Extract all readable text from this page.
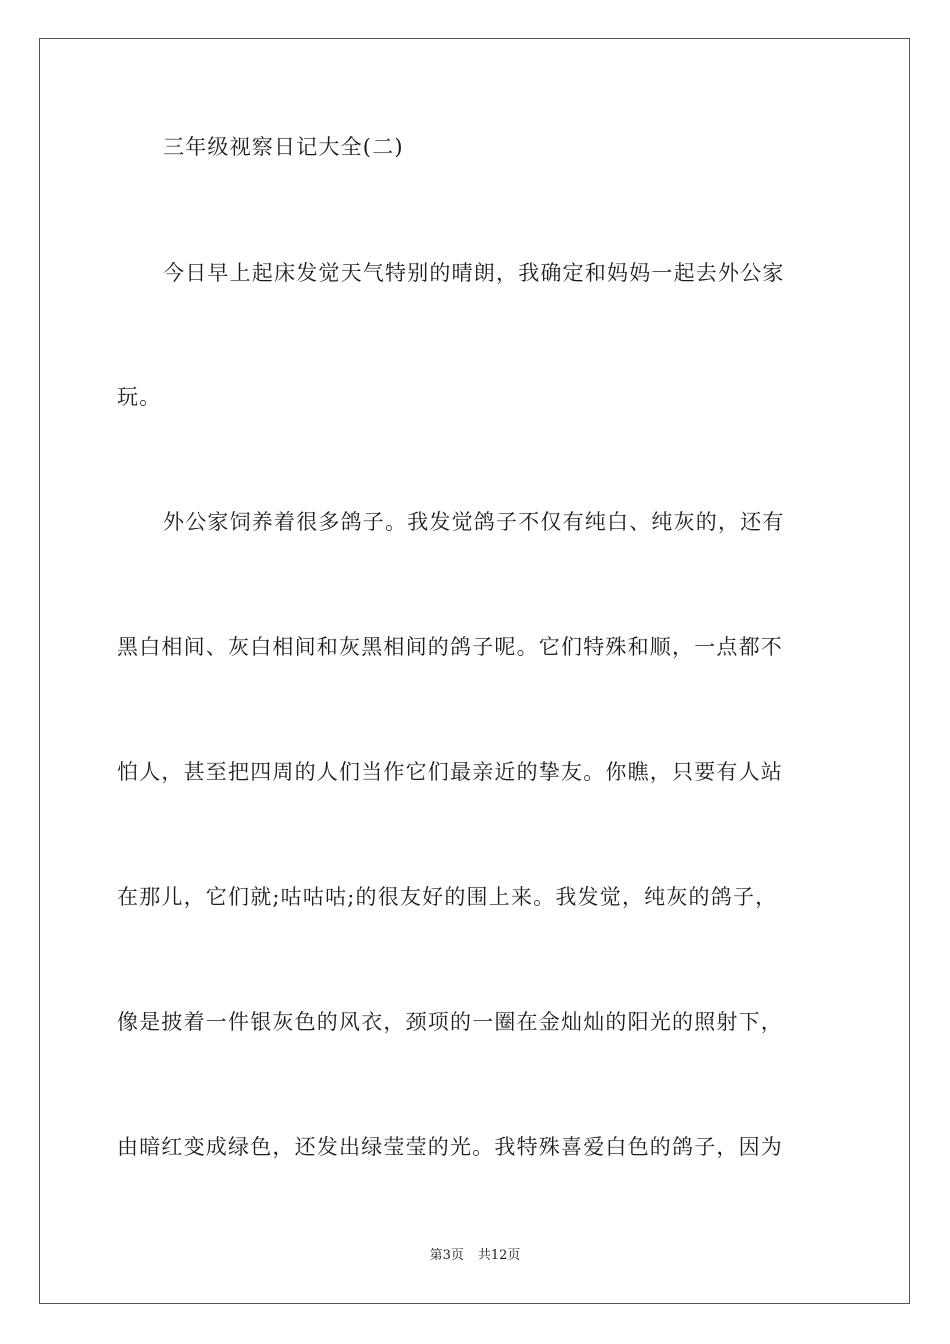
三年级视察日记大全(二)
今日早上起床发觉天气特别的晴朗，我确定和妈妈一起去外公家
玩。
外公家饲养着很多鸽子。我发觉鸽子不仅有纯白、纯灰的，还有
黑白相间、灰白相间和灰黑相间的鸽子呢。它们特殊和顺，一点都不
怕人，甚至把四周的人们当作它们最亲近的挚友。你瞧，只要有人站
在那儿，它们就;咕咕咕;的很友好的围上来。我发觉，纯灰的鸽子，
像是披着一件银灰色的风衣，颈项的一圈在金灿灿的阳光的照射下，
由暗红变成绿色，还发出绿莹莹的光。我特殊喜爱白色的鸽子，因为
第3页 共12页
